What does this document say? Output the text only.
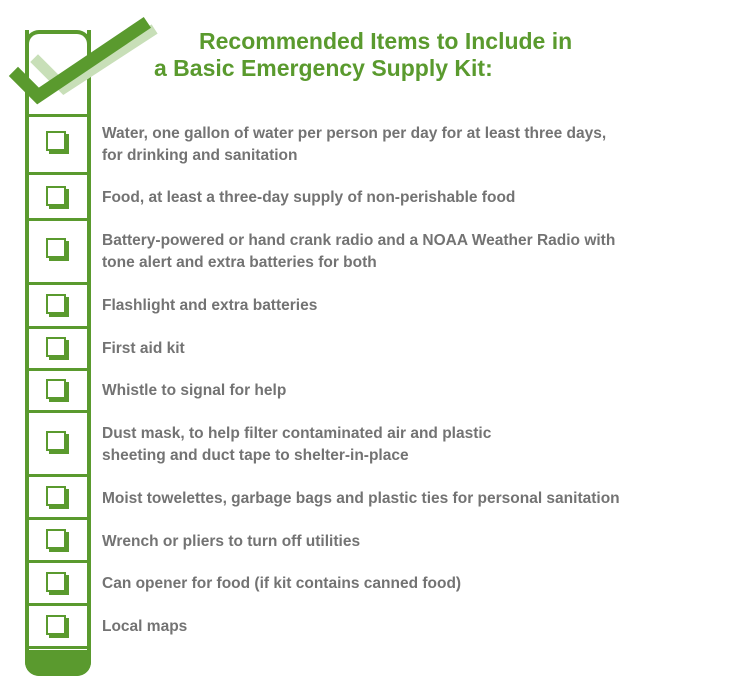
Recommended Items to Include in
a Basic Emergency Supply Kit:

Water, one gallon of water per person per day for at least three days,
for drinking and sanitation

Food, at least a three-day supply of non-perishable food

Battery-powered or hand crank radio and a NOAA Weather Radio with
tone alert and extra batteries for both

Flashlight and extra batteries

First aid kit

Whistle to signal for help

Dust mask, to help filter contaminated air and plastic
sheeting and duct tape to shelter-in-place

Moist towelettes, garbage bags and plastic ties for personal sanitation

Wrench or pliers to turn off utilities

Can opener for food (if kit contains canned food)

Local maps
